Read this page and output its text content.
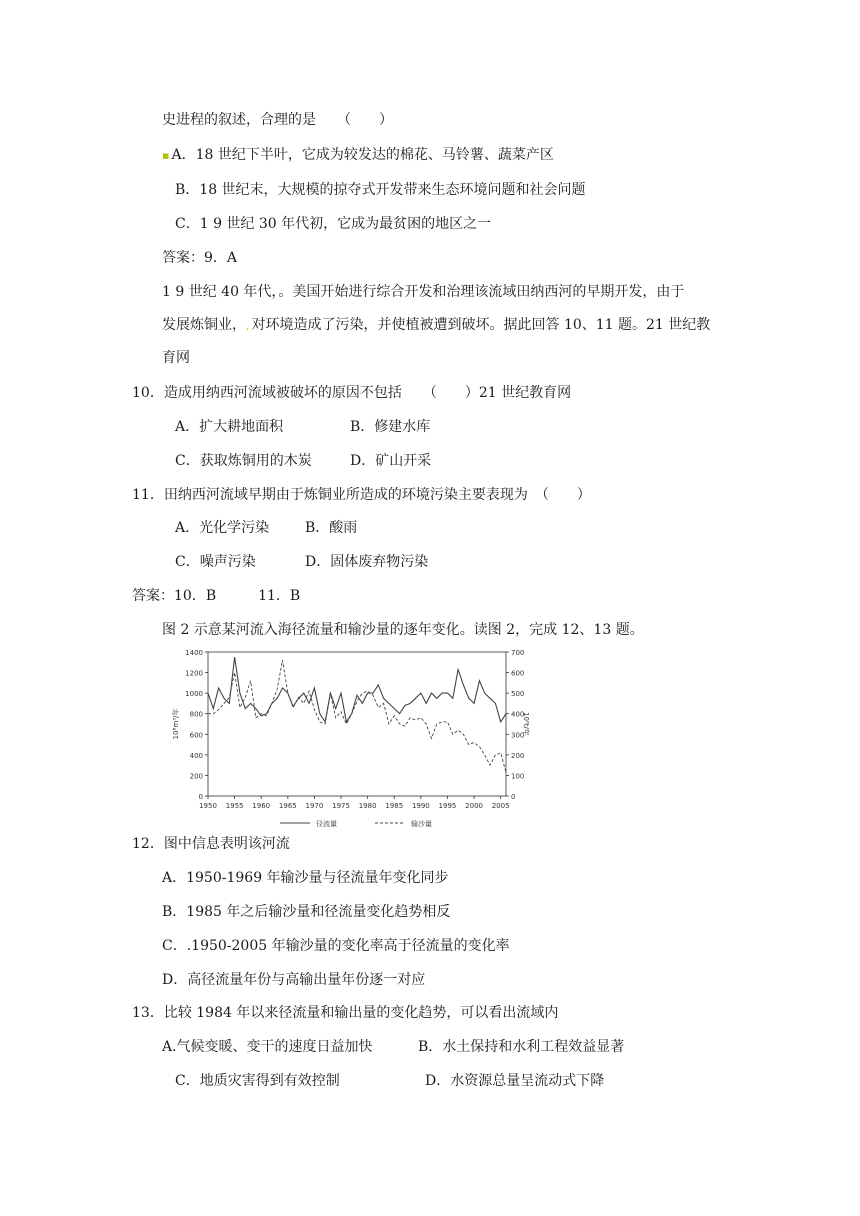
史进程的叙述，合理的是　　（　　）
▪ A．18 世纪下半叶，它成为较发达的棉花、马铃薯、蔬菜产区
B．18 世纪末，大规模的掠夺式开发带来生态环境问题和社会问题
C．1 9 世纪 30 年代初，它成为最贫困的地区之一
答案：9．A
1 9 世纪 40 年代，。美国开始进行综合开发和治理该流域田纳西河的早期开发，由于
发展炼铜业，, 对环境造成了污染，并使植被遭到破坏。据此回答 10、11 题。21 世纪教
育网
10．造成用纳西河流域被破坏的原因不包括　　（　　）21 世纪教育网
A．扩大耕地面积	B．修建水库
C．获取炼铜用的木炭	D．矿山开采
11．田纳西河流域早期由于炼铜业所造成的环境污染主要表现为　（　　）
A．光化学污染	B．酸雨
C．噪声污染	D．固体废弃物污染
答案：10．B　　　11．B
图 2 示意某河流入海径流量和输沙量的逐年变化。读图 2，完成 12、13 题。
0
200
400
600
800
1000
1200
1400
0
100
200
300
400
500
600
700
1950 1955 1960 1965 1970 1975 1980 1985 1990 1995 2000 2005
10⁸m³/年	10⁶t/年
径流量	输沙量
12．图中信息表明该河流
A．1950-1969 年输沙量与径流量年变化同步
B．1985 年之后输沙量和径流量变化趋势相反
C．.1950-2005 年输沙量的变化率高于径流量的变化率
D．高径流量年份与高输出量年份逐一对应
13．比较 1984 年以来径流量和输出量的变化趋势，可以看出流域内
A.气候变暖、变干的速度日益加快	B．水土保持和水利工程效益显著
C．地质灾害得到有效控制	D．水资源总量呈流动式下降
